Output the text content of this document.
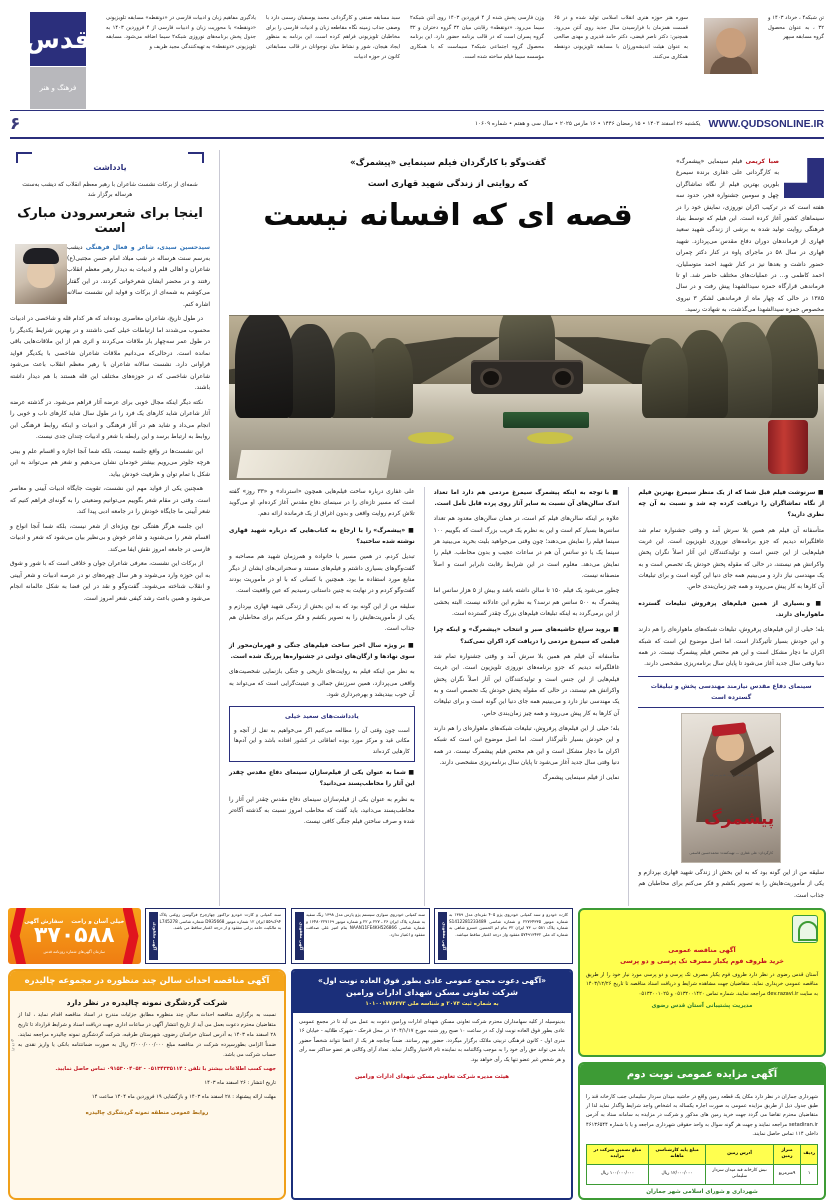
قدس
فرهنگ و هنر
یادگیری مفاهیم زبان و ادبیات فارسی در «دونقطه» مسابقه تلویزیونی «دونقطه» با محوریت زبان و ادبیات فارسی از ۴ فروردین ۱۴۰۳ به جدول پخش برنامه‌های نوروزی شبکه۲ سیما اضافه می‌شود. مسابقه تلویزیونی «دونقطه» به تهیه‌کنندگی مجید ظریف و
سبد مسابقه صنفی و کارگردانی محمد یوسفیان رسمی دارد با وصفی جذاب زمینه نگاه مقاطعه زبان و ادبیات فارسی را برای مخاطبان تلویزیونی فراهم کرده است. این برنامه به منظور ایجاد هیجان، شور و نشاط میان نوجوانان در قالب مسابقاتی کانون در حوزه ادبیات
وزن فارسی پخش شده از ۴ فروردین ۱۴۰۳ روی آنتن شبکه۲ سیما می‌رود. «دونقطه» رقابتی میان ۳۲ گروه دختران و ۳۲ گروه پسران است که در قالب برنامه حضور دارد. این برنامه محصول گروه اجتماعی شبکه۲ سیماست که با همکاری مؤسسه سیما فیلم ساخته شده است.
سوره هنر حوزه هنری انقلاب اسلامی تولید شده و در ۶۵ قسمت همزمان با فرارسیدن سال جدید روی آنتن می‌رود. همچنین: دکتر ناصر فیضی، دکتر حامد قدیری و مهدی صالحی به عنوان هیئت اندیشه‌ورزان با مسابقه تلویزیونی دونقطه همکاری می‌کنند.
تن شبکه۴ ، خرداد ۱۴۰۳ و ۳۲ ، به عنوان محصول گروه مسابقه سپهر
۶	یکشنبه ۲۶ اسفند ۱۴۰۳ • ۱۵ رمضان ۱۴۴۶ • ۱۶ مارس ۲۰۲۵ • سال سی و هفتم • شماره ۱۰۶۰۹ WWW.QUDSONLINE.IR
یادداشت
شمه‌ای از برکات نشست شاعران با رهبر معظم انقلاب که دیشب به‌سنت هرساله برگزار شد
اینجا برای شعرسرودن مبارک است
سیدحسین سیدی، شاعر و فعال فرهنگی دیشب به‌رسم سنت هرساله در شب میلاد امام حسن مجتبی(ع) شاعران و اهالی قلم و ادبیات به دیدار رهبر معظم انقلاب رفتند و در محضر ایشان شعرخوانی کردند. در این گفتار می‌کوشم به شمه‌ای از برکات و فواید این نشست سالانه اشاره کنم.

در طول تاریخ، شاعران معاصری بوده‌اند که هر کدام قله و شاخصی در ادبیات محسوب می‌شدند اما ارتباطات خیلی کمی داشتند و در بهترین شرایط یکدیگر را در طول عمر سه‌چهار بار ملاقات می‌کردند و اثری هم از این ملاقات‌هایی باقی نمانده است. درحالی‌که می‌دانیم ملاقات شاعران شاخصی با یکدیگر فواید فراوانی دارد. نشست سالانه شاعران با رهبر معظم انقلاب باعث می‌شود شاعران شاخصی که در حوزه‌های مختلف این قله هستند با هم دیدار داشته باشند.

نکته دیگر اینکه مجال خوبی برای عرضه آثار فراهم می‌شود. در گذشته عرضه آثار شاعران شاید کارهای یک فرد را در طول سال شاید کارهای ناب و خوبی را انجام می‌داد و شاید هم در آثار فرهنگی و ادبیات و اینکه روابط فرهنگی این روابط به ارتباط برسد و این رابطه با شعر و ادبیات چندان جدی نیست.

این نشست‌ها در واقع جلسه نیست، بلکه شما آنجا اجازه و اقسام علم و بینی هرچه جلوتر می‌رویم بیشتر خودمان نشان می‌دهیم و شعر هم می‌تواند به این شکل با تمام توان و ظرفیت خودش بیاید.

همچنین یکی از فواید مهم این نشست، تقویت جایگاه ادبیات آیینی و معاصر است. وقتی در مقام شعر بگوییم می‌توانیم وضعیتی را به گونه‌ای فراهم کنیم که شعر آیینی ما جایگاه خودش را در جامعه ادبی پیدا کند.

این جلسه هرگز هفتگی نوع ویژه‌ای از شعر نیست، بلکه شما آنجا انواع و اقسام شعر را می‌شنوید و شاعر خوش و بی‌نظیر بیان می‌شود که شعر و ادبیات فارسی در جامعه امروز نقش ایفا می‌کند.

از برکات این نشست، معرفی شاعران جوان و خلاقی است که با شور و شوق به این حوزه وارد می‌شوند و هر سال چهره‌های نو در عرصه ادبیات و شعر آیینی و انقلاب شناخته می‌شوند. گفت‌وگو و نقد در این فضا به شکل عالمانه انجام می‌شود و همین باعث رشد کیفی شعر امروز است.

گفت‌وگو با کارگردان فیلم سینمایی «پیشمرگ»
که روایتی از زندگی شهید قهاری است
قصه ای که افسانه نیست
صبا کریمی فیلم سینمایی «پیشمرگ» به کارگردانی علی غفاری برنده سیمرغ بلورین بهترین فیلم از نگاه تماشاگران چهل و سومین جشنواره فجر، حدود سه هفته است که در ترکیب اکران نوروزی، نمایش خود را در سینماهای کشور آغاز کرده است. این فیلم که توسط بنیاد فرهنگی روایت تولید شده به برشی از زندگی شهید سعید قهاری از فرماندهان دوران دفاع مقدس می‌پردازد. شهید قهاری در سال ۵۸ در ماجرای پاوه در کنار دکتر چمران حضور داشت و بعدها نیز در کنار شهید احمد متوسلیان، احمد کاظمی و... در عملیات‌های مختلف حاضر شد. او تا فرماندهی قرارگاه حمزه سیدالشهدا پیش رفت و در سال ۱۳۸۵ در حالی که چهار ماه از فرماندهی لشکر ۳ نیروی مخصوص حمزه سیدالشهدا می‌گذشت، به شهادت رسید.

علی غفاری درباره ساخت فیلم‌هایی همچون «استرداد» و «۳۳ روز» گفته است که مسیر تازه‌ای را در سینمای دفاع مقدس آغاز کرده‌ام. او می‌گوید تلاش کردم روایت واقعی و بدون اغراق از یک فرمانده ارائه دهم.

■ «پیشمرگ» را با ارجاع به کتاب‌هایی که درباره شهید قهاری نوشته شده ساختید؟

تبدیل کردم. در همین مسیر با خانواده و همرزمان شهید هم مصاحبه و گفت‌وگوهای بسیاری داشتم و فیلم‌های مستند و سخنرانی‌های ایشان از دیگر منابع مورد استفاده ما بود. همچنین با کسانی که با او در مأموریت بودند گفت‌وگو کردم و در نهایت به چنین داستانی رسیدیم که عین واقعیت است.

سلیقه من از این گونه بود که به این بخش از زندگی شهید قهاری بپردازم و یکی از مأموریت‌هایش را به تصویر بکشم و فکر می‌کنم برای مخاطبان هم جذاب است.

■ بر ویژه سال اخیر ساخت فیلم‌های جنگی و قهرمان‌محور از سوی نهادها و ارگان‌های دولتی در جشنواره‌ها پررنگ شده است.

به نظر من اینکه فیلم به روایت‌های تاریخی و جنگی بازنمایی شخصیت‌های واقعی می‌پردازد، همین سرزنش جمالی و عینیت‌گرایی است که می‌تواند به آن خوب بیندیشد و بهره‌برداری شود.

یادداشت‌های سعید خیلی
است چون وقتی آن را مطالعه می‌کنیم اگر می‌خواهیم به نقل از آنچه و مکانی قید و مرکز مورد بوده اتفاقاتی در کشور افتاده باشد و این آدم‌ها کارهایی کرده‌اند
■ شما به عنوان یکی از فیلم‌سازان سینمای دفاع مقدس چقدر این آثار را مخاطب‌پسند می‌دانید؟

به نظرم به عنوان یکی از فیلم‌سازان سینمای دفاع مقدس چقدر این آثار را مخاطب‌پسند می‌دانید، باید گفت که مخاطب امروز نسبت به گذشته آگاه‌تر شده و صرف ساختن فیلم جنگی کافی نیست.

■ با توجه به اینکه پیشمرگ سیمرغ مردمی هم دارد اما تعداد اندک سالن‌های آن نسبت به سایر آثار روی پرده قابل تأمل است.

علاوه بر اینکه سالن‌های فیلم کم است، در همان سالن‌های معدود هم تعداد سانس‌ها بسیار کم است و این به نظرم یک فریب بزرگ است که بگوییم ۱۰۰ سینما فیلم را نمایش می‌دهند؛ چون وقتی می‌خواهید بلیت بخرید می‌بینید هر سینما یک یا دو سانس آن هم در ساعات عجیب و بدون مخاطب. فیلم را نمایش می‌دهد. معلوم است در این شرایط رقابت نابرابر است و اصلاً منصفانه نیست.

چطور می‌شود یک فیلم ۱۵۰ تا سالن داشته باشد و بیش از ۵ هزار سانس اما پیشمرگ به ۵۰۰ سانس هم نرسد؟ به نظرم این عادلانه نیست. البته بخشی از این برمی‌گردد به اینکه تبلیغات فیلم‌های بزرگ چقدر گسترده است.

■ بروید سراغ حاشیه‌های صبر و انتخاب «پیشمرگ» و اینکه چرا فیلمی که سیمرغ مردمی را دریافت کرد اکران نمی‌کند؟

متأسفانه آن فیلم هم همین بلا سرش آمد و وقتی جشنواره تمام شد غافلگیرانه دیدیم که جزو برنامه‌های نوروزی تلویزیون است. این غربت فیلم‌هایی از این جنس است و تولیدکنندگان این آثار اصلاً نگران پخش واکرانش هم نیستند، در حالی که مقوله پخش خودش یک تخصص است و به یک مهندسی نیاز دارد و می‌بینیم همه جای دنیا این گونه است و برای تبلیغات آن کارها به کار پیش می‌روند و همه چیز زمان‌بندی خاص.

بله؛ خیلی از این فیلم‌های پرفروش، تبلیغات شبکه‌های ماهواره‌ای را هم دارند و این خودش بسیار تأثیرگذار است. اما اصل موضوع این است که شبکه اکران ما دچار مشکل است و این هم مختص فیلم پیشمرگ نیست. در همه دنیا وقتی سال جدید آغاز می‌شود تا پایان سال برنامه‌ریزی مشخصی دارند.

نمایی از فیلم سینمایی پیشمرگ

■ سرنوشت فیلم قبل شما که از یک منظر سیمرغ بهترین فیلم از نگاه تماشاگران را دریافت کرده چه شد و نسبت به آن چه نظری دارید؟

متأسفانه آن فیلم هم همین بلا سرش آمد و وقتی جشنواره تمام شد غافلگیرانه دیدیم که جزو برنامه‌های نوروزی تلویزیون است. این غربت فیلم‌هایی از این جنس است و تولیدکنندگان این آثار اصلاً نگران پخش واکرانش هم نیستند، در حالی که مقوله پخش خودش یک تخصص است و به یک مهندسی نیاز دارد و می‌بینیم همه جای دنیا این گونه است و برای تبلیغات آن کارها به کار پیش می‌روند و همه چیز زمان‌بندی خاص.

■ و بسیاری از همین فیلم‌های پرفروش تبلیغات گسترده ماهواره‌ای دارند.

بله؛ خیلی از این فیلم‌های پرفروش، تبلیغات شبکه‌های ماهواره‌ای را هم دارند و این خودش بسیار تأثیرگذار است. اما اصل موضوع این است که شبکه اکران ما دچار مشکل است و این هم مختص فیلم پیشمرگ نیست. در همه دنیا وقتی سال جدید آغاز می‌شود تا پایان سال برنامه‌ریزی مشخصی دارند.

سینمای دفاع مقدس نیازمند مهندسی پخش و تبلیغات گسترده است
بنیاد فرهنگی روایت تقدیم می‌کند
پیشمرگ
کارگردان: علی غفاری — تهیه‌کننده: محمدحسین قاسمی

سلیقه من از این گونه بود که به این بخش از زندگی شهید قهاری بپردازم و یکی از مأموریت‌هایش را به تصویر بکشم و فکر می‌کنم برای مخاطبان هم جذاب است.

خیلی آسان و راحت
سفارش آگهی
۳۷۰۵۸۸
سازمان آگهی‌های شماره روزنامه قدس
آگهی مفقودی
سند کمپانی و کارت خودرو تراکتور چهارچرخ فرگوسن روغنی پلاک ۹۴ک۵۵۹ ایران ۱۲ شماره موتور D935668 شماره شاسی L745278 به مالکیت حامد برانی مفقود و از درجه اعتبار ساقط می باشد.
آگهی مناقصه احداث سالن چند منظوره در مجموعه چالیدره
شرکت گردشگری نمونه چالیدره در نظر دارد
نسبت به برگزاری مناقصه احداث سالن چند منظوره مطابق جزئیات مندرج در اسناد مناقصه اقدام نماید ، لذا از متقاضیان محترم دعوت بعمل می آید از تاریخ انتشار آگهی در ساعات اداری جهت دریافت اسناد و شرایط قرارداد تا تاریخ ۲۸ اسفند ماه ۱۴۰۳ به آدرس استان خراسان رضوی، شهرستان طرقبه، شرکت گردشگری نمونه چالیدره مراجعه نمایند. ضمناً الزامی بطورسپرده شرکت در مناقصه مبلغ ۳/۰۰۰/۰۰۰/۰۰۰ ریال به صورت ضمانتنامه بانکی یا واریز نقدی به حساب شرکت می باشد.
جهت کسب اطلاعات بیشتر با تلفن : ۰۵۱۳۴۳۳۵۱۱۴ - ۰۹۱۵۳۰۰۴۰۵۲ تماس حاصل نمایید.
تاریخ انتشار : ۲۶ اسفند ماه ۱۴۰۳
مهلت ارائه پیشنهاد : ۲۸ اسفند ماه ۱۴۰۳ و بازگشایی ۱۹ فروردین ماه ۱۴۰۴ ساعت ۱۴
روابط عمومی منطقه نمونه گردشگری چالیدره
/۱۴۰۳ ق
آگهی مفقودی
سند کمپانی خودروی سواری سیستم پژو پارس مدل ۱۳۹۸ رنگ سفید به شماره پلاک ایران ۲۶ ـ ۲۲۷ م ۲۲ و شماره موتور ۱۶۴۸۰۲۲۷۱۶۹ و شماره شاسی NAAN11FE4KH526866 بنام امیر علی صداقت مفقود و اعتبار ندارد.	آگهی مفقودی
کارت خودرو و سند کمپانی خودروی پژو ۴۰۵ نقره‌ای مدل ۱۳۸۹ به شماره موتور ۲۲۷۶۴۳۳۵ و شماره شاسی S1412281233489 شماره پلاک ۵۸۱ ب ۷۳ ایران ۳۲ بنام لم الحسین خسرو شاهی به شماره کد ملی ۵۷۴۹۱۳۴۳۲ مفقود واز درجه اعتبار ساقط میباشد.
«آگهی دعوت مجمع عمومی عادی بطور فوق العاده نوبت اول»
شرکت تعاونی مسکن شهدای ادارات ورامین
به شماره ثبت ۲۰۷۴ و شناسه ملی ۱۰۱۰۰۱۷۷۶۳۷۳
بدینوسیله از کلیه سهامداران محترم شرکت تعاونی مسکن شهدای ادارات ورامین دعوت به عمل می آید تا در مجمع عمومی عادی بطور فوق العاده نوبت اول که در ساعت ۱۰ صبح روز شنبه مورخ ۱۴۰۴/۱/۱۷ در محل فرحک - شهرک طلائیه - خیابان ۱۶ متری اول - کانون فرهنگی تربیتی ملائک برگزار میگردد. حضور بهم رسانند. ضمناً چنانچه هر یک از اعضا نتواند شخصاً حضور یابد می تواند حق رأی خود را به موجب وکالتنامه به نماینده تام الاختیار واگذار نماید. تعداد آرای وکالتی هر عضو حداکثر سه رأی و هر شخص غیر عضو تنها یک رأی خواهد بود.
هیئت مدیره شرکت تعاونی مسکن شهدای ادارات ورامین
آگهی مناقصه عمومی
خرید ظروف فوم یکبار مصرف تک پرسی و دو پرسی
آستان قدس رضوی در نظر دارد ظروف فوم یکبار مصرف تک پرسی و دو پرسی مورد نیاز خود را از طریق مناقصه عمومی خریداری نماید. متقاضیان جهت مشاهده شرایط و دریافت اسناد مناقصه تا تاریخ ۱۴۰۳/۱۲/۲۶ به سایت dev.razavi.ir مراجعه نمایند. شماره تماس ۰۵۱۳۲۰۰۱۴۲۰ و ۰۵۱۳۲۰۰۱۰۲۵
مدیریت پشتیبانی آستان قدس رضوی
آگهی مزایده عمومی نوبت دوم
شهرداری جماران در نظر دارد مکان یک قطعه زمین واقع در حاشیه میدان سردار سلیمانی جنب کارخانه قند را طبق جدول ذیل از طریق مزایده عمومی به صورت اجاره یکساله به اشخاص واجد شرایط واگذار نماید لذا از متقاضیان محترم تقاضا می گردد جهت خرید زمین های مذکور و شرکت در مزایده به سامانه ستاد به آدرس setadiran.ir مراجعه نمایند و جهت هر گونه سوال به واحد حقوقی شهرداری مراجعه و یا با شماره ۴۶۱۳۶۵۴۴ داخلی ۱۱۴ تماس حاصل نمایند.
ردیف	متراژ زمین	آدرس زمین	مبلغ پایه کارشناسی ماهانه	مبلغ تضمین شرکت در مزایده
۱	۹مترمربع	نبش کارخانه قند میدان سردار سلیمانی	۱۲/۰۰۰/۰۰۰ ریال	۱۰۰/۰۰۰/۰۰۰ ریال
شهرداری و شورای اسلامی شهر جماران
